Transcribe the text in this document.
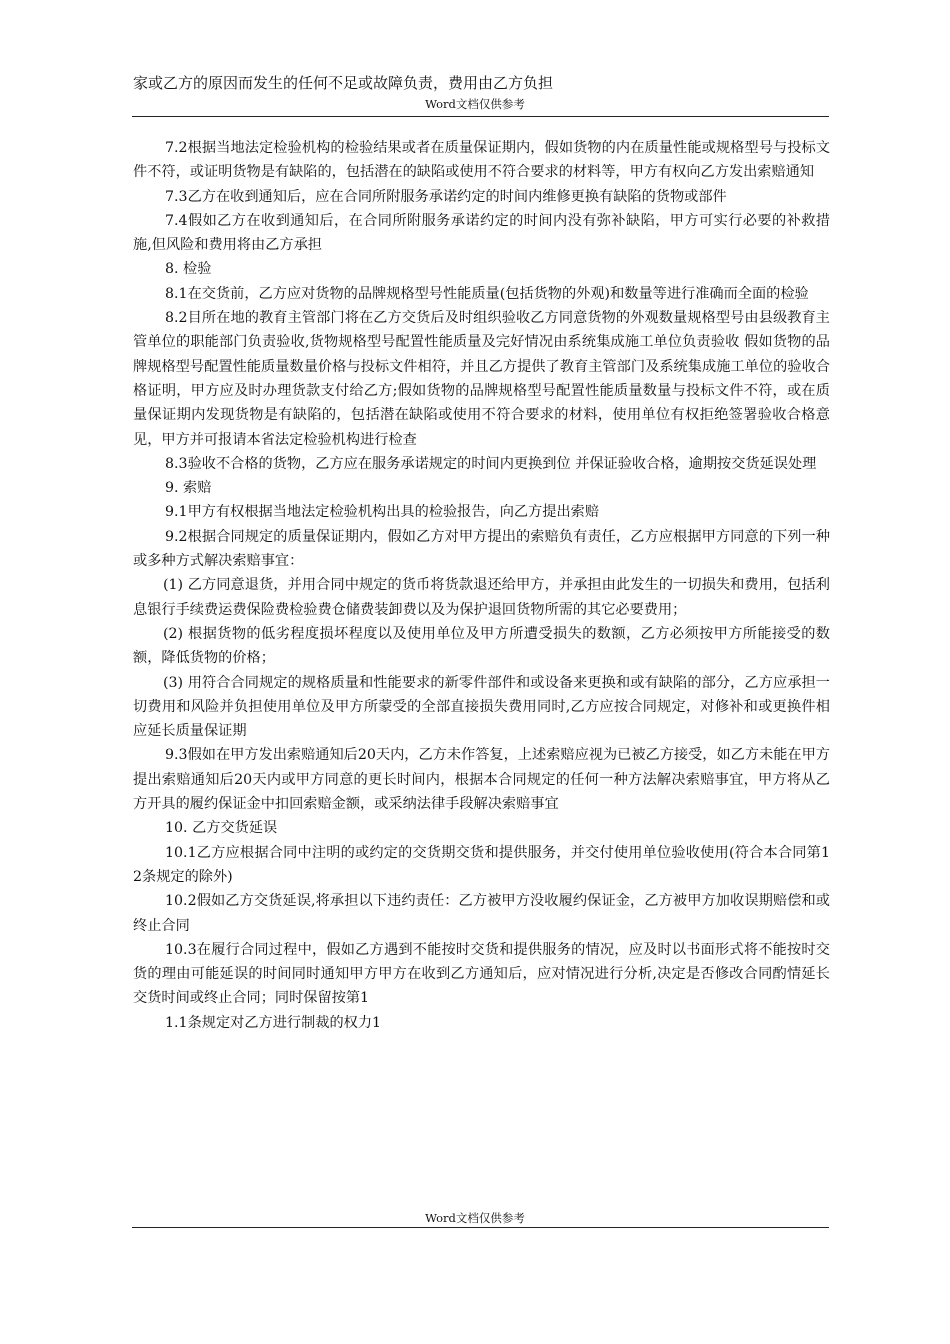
家或乙方的原因而发生的任何不足或故障负责，费用由乙方负担
Word文档仅供参考

7.2根据当地法定检验机构的检验结果或者在质量保证期内，假如货物的内在质量性能或规格型号与投标文件不符，或证明货物是有缺陷的，包括潜在的缺陷或使用不符合要求的材料等，甲方有权向乙方发出索赔通知

7.3乙方在收到通知后，应在合同所附服务承诺约定的时间内维修更换有缺陷的货物或部件

7.4假如乙方在收到通知后，在合同所附服务承诺约定的时间内没有弥补缺陷，甲方可实行必要的补救措施,但风险和费用将由乙方承担

8. 检验

8.1在交货前，乙方应对货物的品牌规格型号性能质量(包括货物的外观)和数量等进行准确而全面的检验

8.2目所在地的教育主管部门将在乙方交货后及时组织验收乙方同意货物的外观数量规格型号由县级教育主管单位的职能部门负责验收,货物规格型号配置性能质量及完好情况由系统集成施工单位负责验收 假如货物的品牌规格型号配置性能质量数量价格与投标文件相符，并且乙方提供了教育主管部门及系统集成施工单位的验收合格证明，甲方应及时办理货款支付给乙方;假如货物的品牌规格型号配置性能质量数量与投标文件不符，或在质量保证期内发现货物是有缺陷的，包括潜在缺陷或使用不符合要求的材料，使用单位有权拒绝签署验收合格意见，甲方并可报请本省法定检验机构进行检查

8.3验收不合格的货物，乙方应在服务承诺规定的时间内更换到位 并保证验收合格，逾期按交货延误处理

9. 索赔

9.1甲方有权根据当地法定检验机构出具的检验报告，向乙方提出索赔

9.2根据合同规定的质量保证期内，假如乙方对甲方提出的索赔负有责任，乙方应根据甲方同意的下列一种或多种方式解决索赔事宜：

(1) 乙方同意退货，并用合同中规定的货币将货款退还给甲方，并承担由此发生的一切损失和费用，包括利息银行手续费运费保险费检验费仓储费装卸费以及为保护退回货物所需的其它必要费用；

(2) 根据货物的低劣程度损坏程度以及使用单位及甲方所遭受损失的数额，乙方必须按甲方所能接受的数额，降低货物的价格；

(3) 用符合合同规定的规格质量和性能要求的新零件部件和或设备来更换和或有缺陷的部分，乙方应承担一切费用和风险并负担使用单位及甲方所蒙受的全部直接损失费用同时,乙方应按合同规定，对修补和或更换件相应延长质量保证期

9.3假如在甲方发出索赔通知后20天内，乙方未作答复，上述索赔应视为已被乙方接受，如乙方未能在甲方提出索赔通知后20天内或甲方同意的更长时间内，根据本合同规定的任何一种方法解决索赔事宜，甲方将从乙方开具的履约保证金中扣回索赔金额，或采纳法律手段解决索赔事宜

10. 乙方交货延误

10.1乙方应根据合同中注明的或约定的交货期交货和提供服务，并交付使用单位验收使用(符合本合同第12条规定的除外)

10.2假如乙方交货延误,将承担以下违约责任：乙方被甲方没收履约保证金，乙方被甲方加收误期赔偿和或终止合同

10.3在履行合同过程中，假如乙方遇到不能按时交货和提供服务的情况，应及时以书面形式将不能按时交货的理由可能延误的时间同时通知甲方甲方在收到乙方通知后，应对情况进行分析,决定是否修改合同酌情延长交货时间或终止合同；同时保留按第1

1.1条规定对乙方进行制裁的权力1

Word文档仅供参考
